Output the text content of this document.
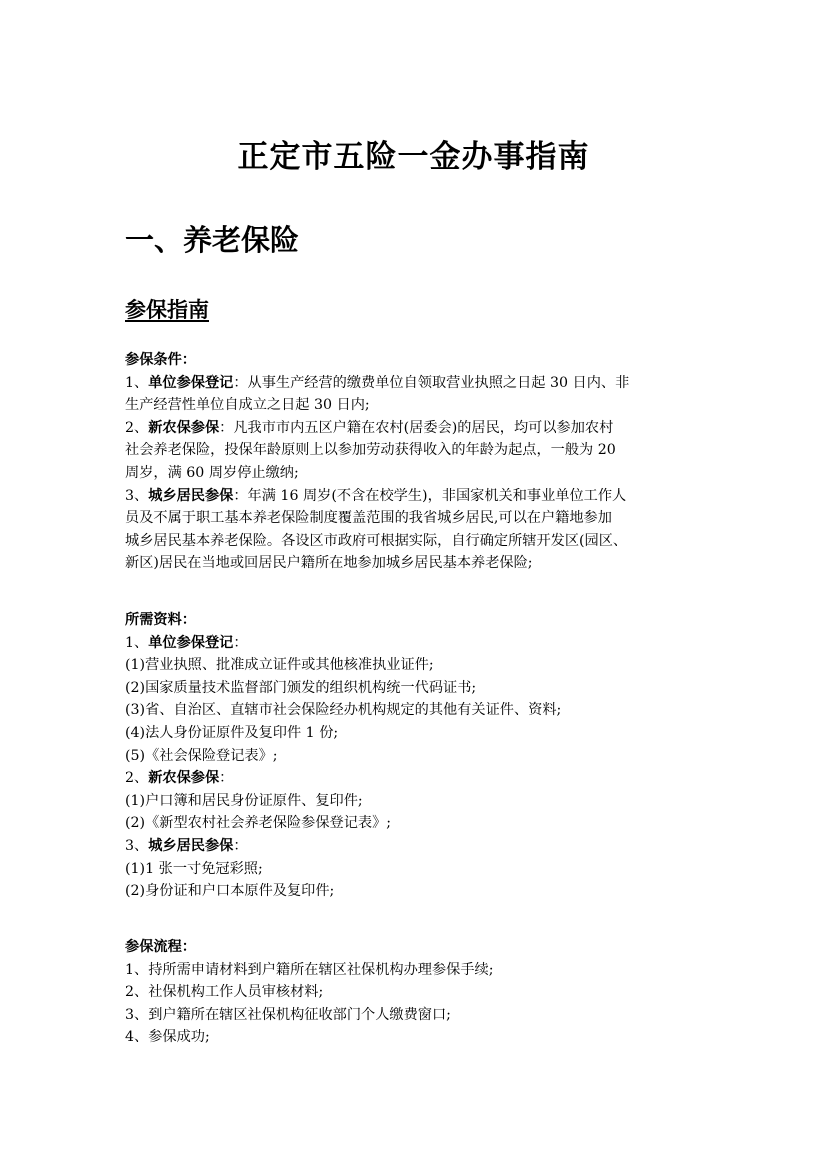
正定市五险一金办事指南
一、养老保险
参保指南
参保条件：
1、单位参保登记：从事生产经营的缴费单位自领取营业执照之日起 30 日内、非
生产经营性单位自成立之日起 30 日内;
2、新农保参保：凡我市市内五区户籍在农村(居委会)的居民，均可以参加农村
社会养老保险，投保年龄原则上以参加劳动获得收入的年龄为起点，一般为 20
周岁，满 60 周岁停止缴纳;
3、城乡居民参保：年满 16 周岁(不含在校学生)，非国家机关和事业单位工作人
员及不属于职工基本养老保险制度覆盖范围的我省城乡居民,可以在户籍地参加
城乡居民基本养老保险。各设区市政府可根据实际，自行确定所辖开发区(园区、
新区)居民在当地或回居民户籍所在地参加城乡居民基本养老保险;
所需资料：
1、单位参保登记：
(1)营业执照、批准成立证件或其他核准执业证件;
(2)国家质量技术监督部门颁发的组织机构统一代码证书;
(3)省、自治区、直辖市社会保险经办机构规定的其他有关证件、资料;
(4)法人身份证原件及复印件 1 份;
(5)《社会保险登记表》;
2、新农保参保：
(1)户口簿和居民身份证原件、复印件;
(2)《新型农村社会养老保险参保登记表》;
3、城乡居民参保：
(1)1 张一寸免冠彩照;
(2)身份证和户口本原件及复印件;
参保流程：
1、持所需申请材料到户籍所在辖区社保机构办理参保手续;
2、社保机构工作人员审核材料;
3、到户籍所在辖区社保机构征收部门个人缴费窗口;
4、参保成功;
